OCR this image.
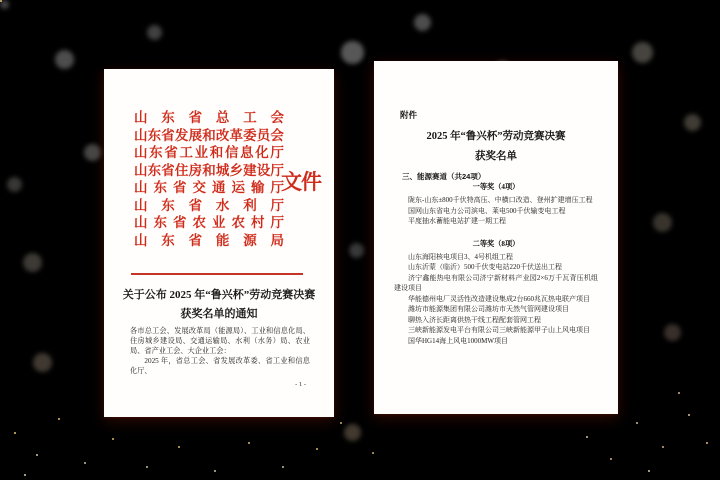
山 东 省 总 工 会
山 东 省 发 展 和 改 革 委 员 会
山 东 省 工 业 和 信 息 化 厅
山 东 省 住 房 和 城 乡 建 设 厅
山 东 省 交 通 运 输 厅
山 东 省 水 利 厅
山 东 省 农 业 农 村 厅
山 东 省 能 源 局
文件
关于公布 2025 年“鲁兴杯”劳动竞赛决赛
获奖名单的通知
各市总工会、发展改革局（能源局）、工业和信息化局、住房城乡建设局、交通运输局、水利（水务）局、农业局、省产业工会、大企业工会：
2025 年，省总工会、省发展改革委、省工业和信息化厅、
- 1 -
附件
2025 年“鲁兴杯”劳动竞赛决赛
获奖名单
三、能源赛道（共24项）
一等奖（4项）
陇东-山东±800千伏特高压、中横口改造、登州扩建增压工程
国网山东省电力公司滨电、莱电500千伏输变电工程
平度抽水蓄能电站扩建一期工程
二等奖（8项）
山东海阳核电项目3、4号机组工程
山东沂蒙（临沂）500千伏变电站220千伏送出工程
济宁鑫能热电有限公司济宁新材料产业园2×6万千瓦背压机组建设项目
华能德州电厂灵活性改造建设集成2台660兆瓦热电联产项目
潍坊市能源集团有限公司潍坊市天然气管网建设项目
聊热入济长距离供热干线工程配套管网工程
三峡新能源发电平台有限公司三峡新能源甲子山上风电项目
国华HG14海上风电1000MW项目
